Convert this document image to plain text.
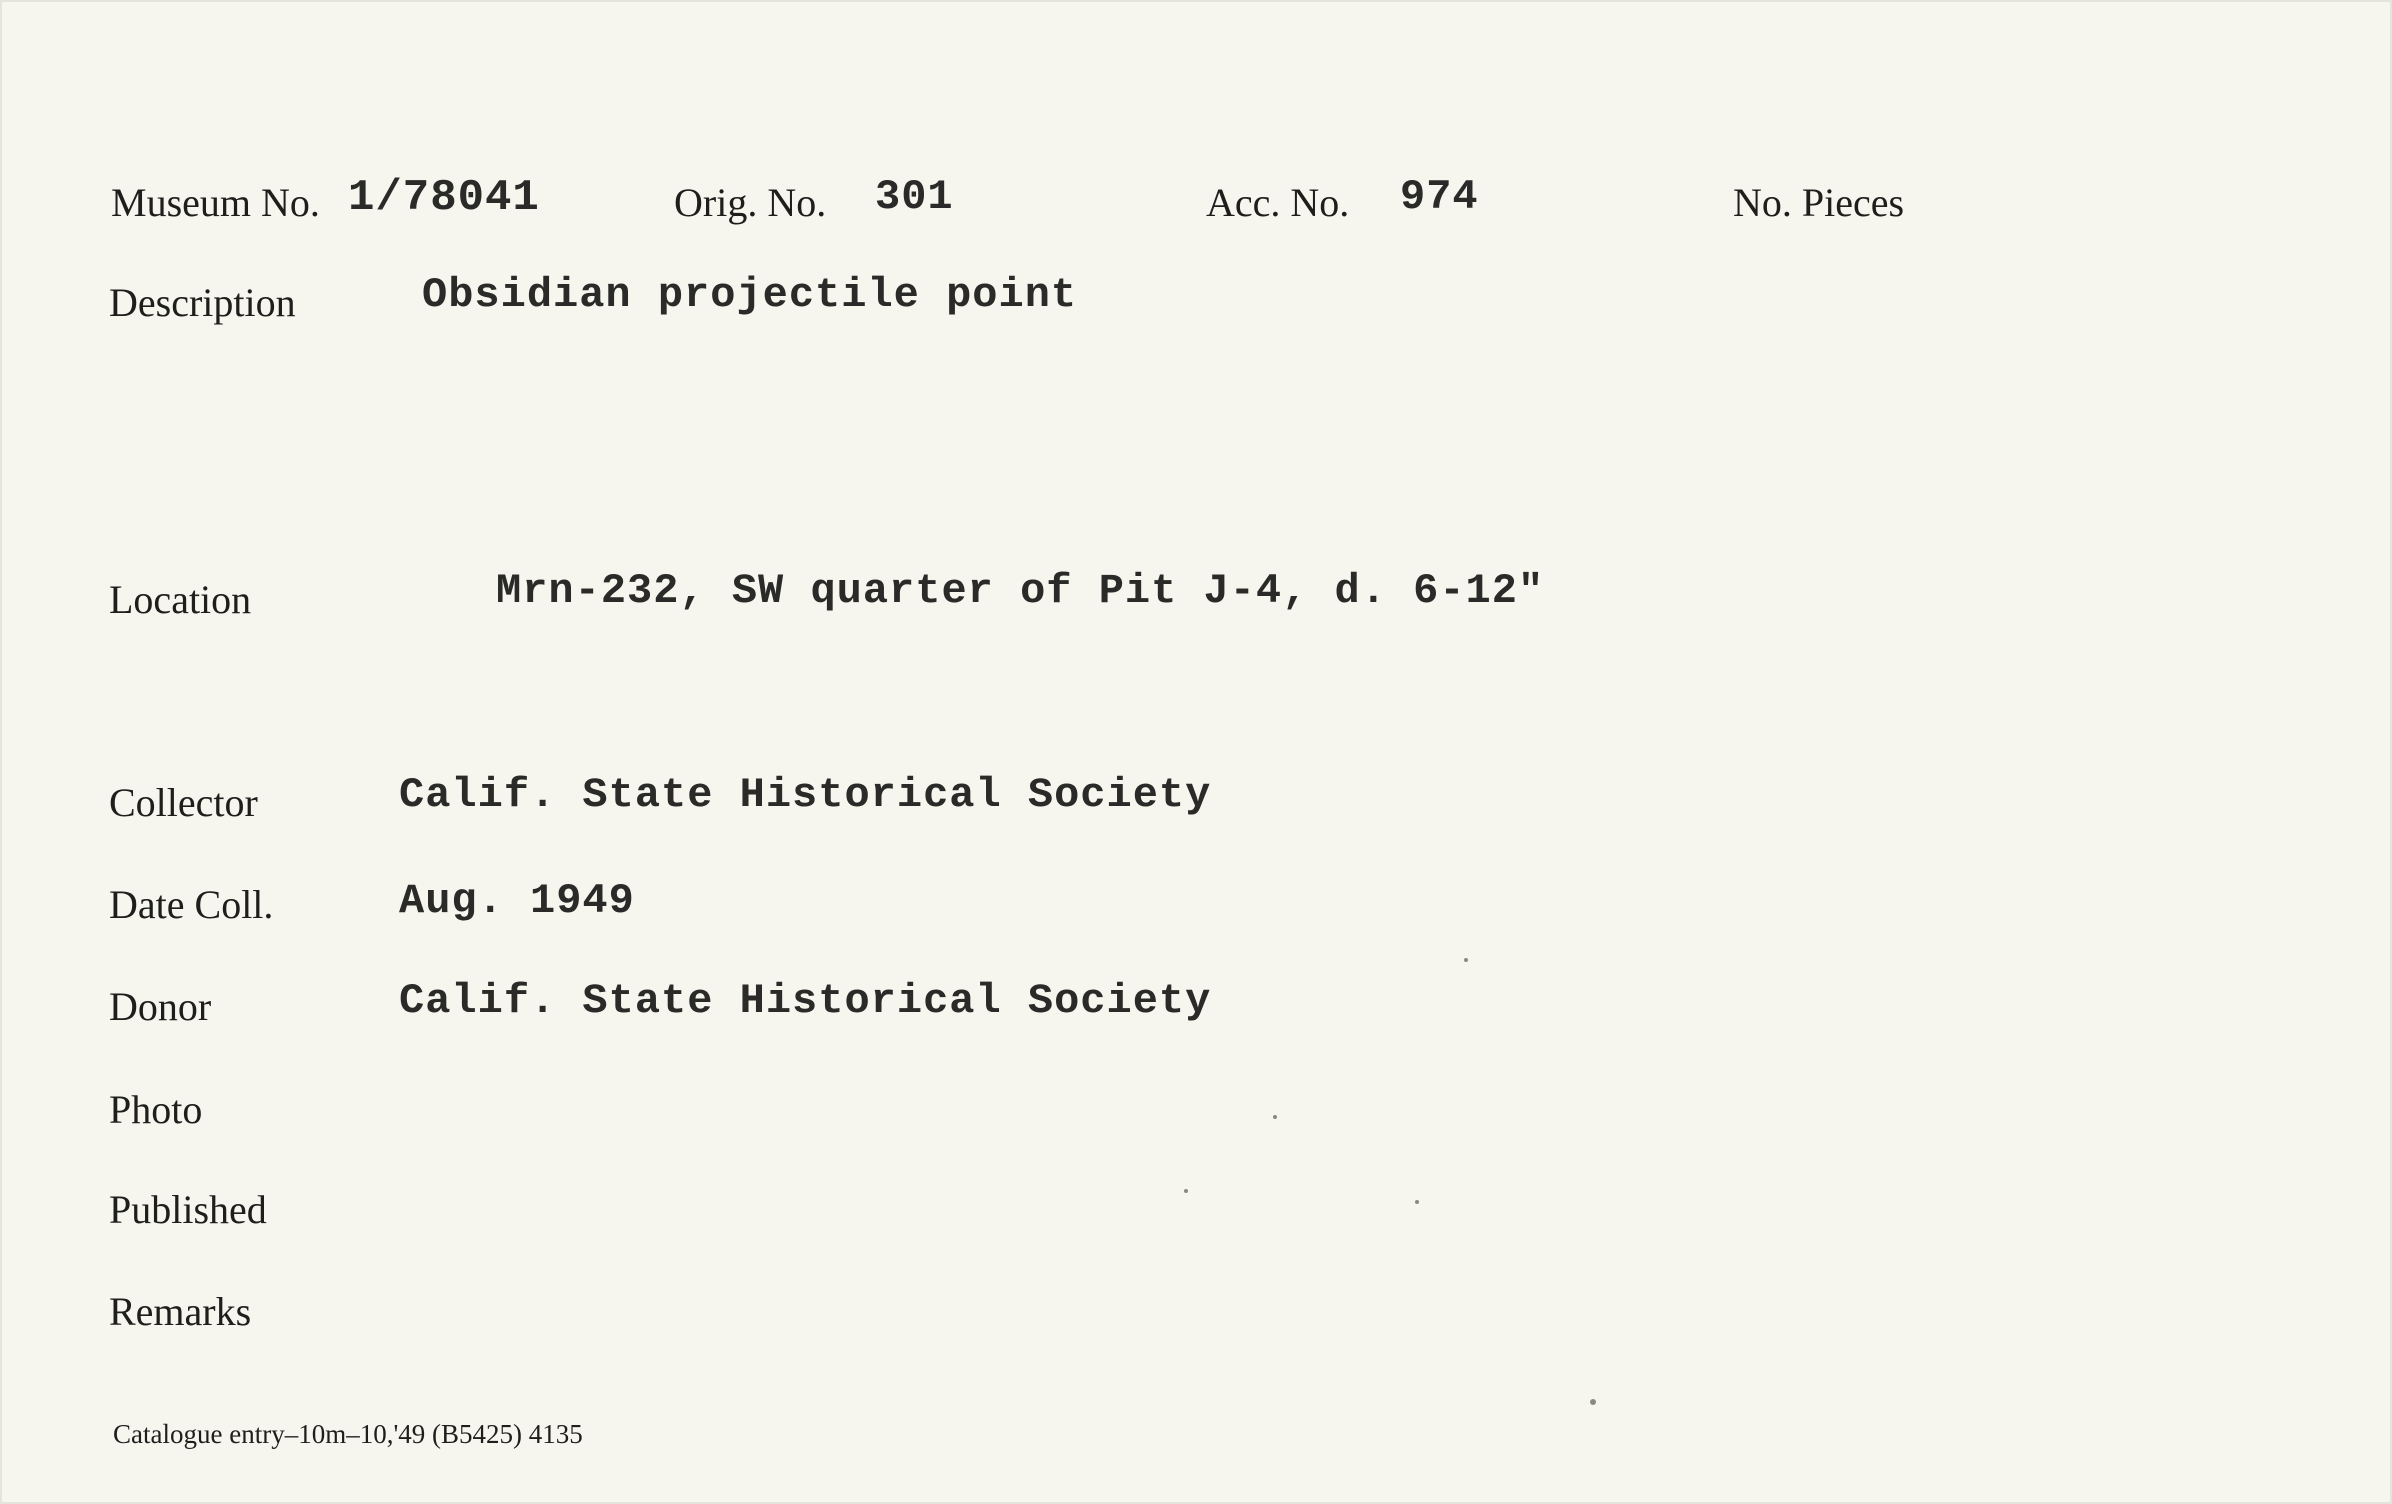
Museum No. 1/78041	Orig. No. 301	Acc. No. 974	No. Pieces
Description	Obsidian projectile point
Location	Mrn-232, SW quarter of Pit J-4, d. 6-12"
Collector	Calif. State Historical Society
Date Coll.	Aug. 1949
Donor	Calif. State Historical Society
Photo
Published
Remarks
Catalogue entry–10m–10,'49 (B5425) 4135
